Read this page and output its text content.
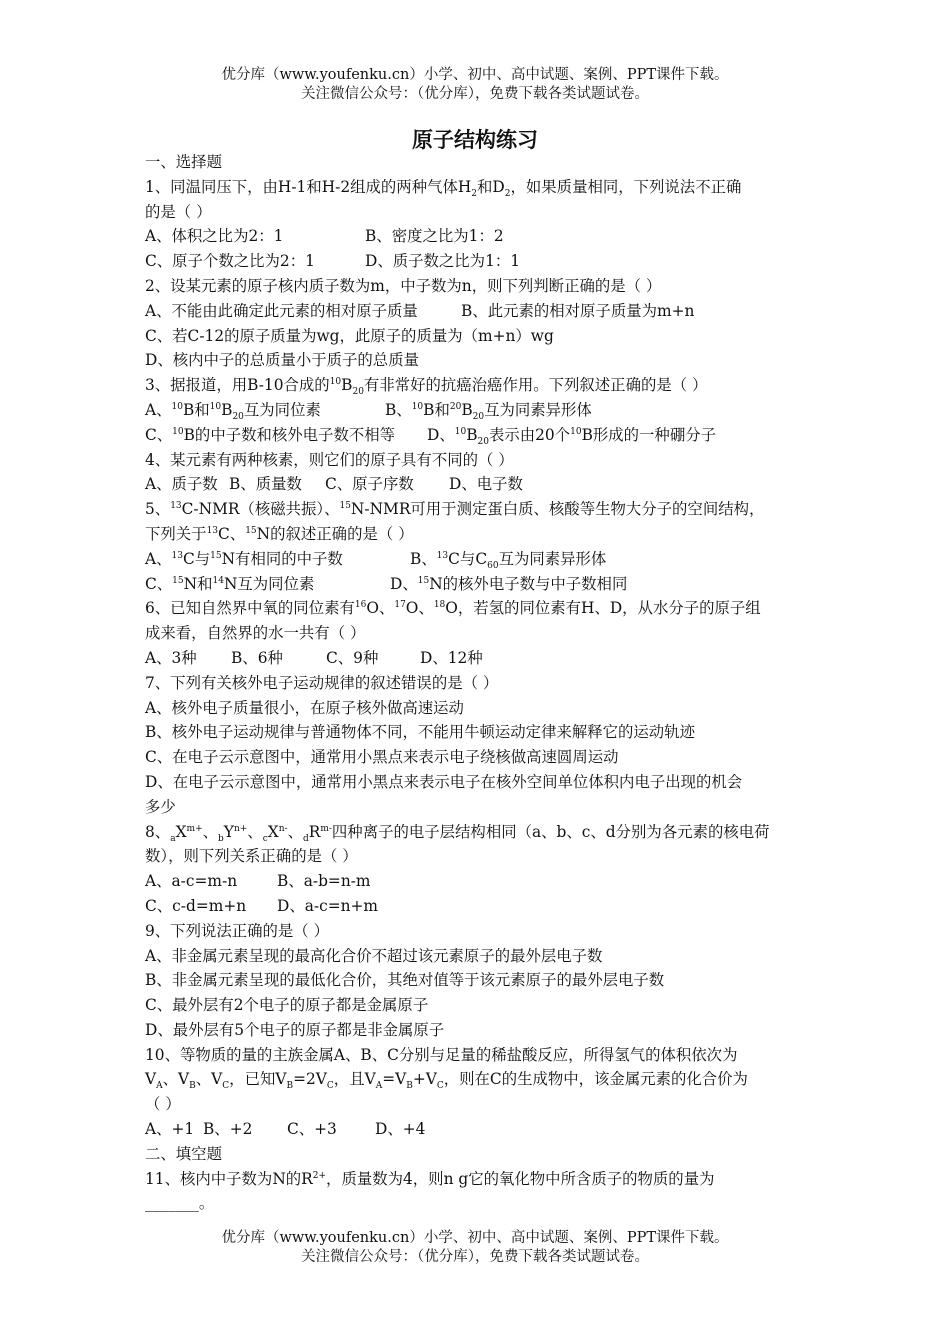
优分库（www.youfenku.cn）小学、初中、高中试题、案例、PPT课件下载。
关注微信公众号：（优分库），免费下载各类试题试卷。
原子结构练习
一、选择题
1、同温同压下，由H-1和H-2组成的两种气体$H_2$和$D_2$，如果质量相同，下列说法不正确
的是（ ）
A、体积之比为2：1	B、密度之比为1：2
C、原子个数之比为2：1	D、质子数之比为1：1
2、设某元素的原子核内质子数为m，中子数为n，则下列判断正确的是（ ）
A、不能由此确定此元素的相对原子质量	B、此元素的相对原子质量为m+n
C、若C-12的原子质量为wg，此原子的质量为（m+n）wg
D、核内中子的总质量小于质子的总质量
3、据报道，用B-10合成的$^{10}B_{20}$有非常好的抗癌治癌作用。下列叙述正确的是（ ）
A、$^{10}$B和$^{10}B_{20}$互为同位素	B、$^{10}$B和$^{20}B_{20}$互为同素异形体
C、$^{10}$B的中子数和核外电子数不相等 D、$^{10}B_{20}$表示由20个$^{10}$B形成的一种硼分子
4、某元素有两种核素，则它们的原子具有不同的（ ）
A、质子数 B、质量数 C、原子序数 D、电子数
5、$^{13}$C-NMR（核磁共振）、$^{15}$N-NMR可用于测定蛋白质、核酸等生物大分子的空间结构，
下列关于$^{13}$C、$^{15}$N的叙述正确的是（ ）
A、$^{13}$C与$^{15}$N有相同的中子数	B、$^{13}$C与$C_{60}$互为同素异形体
C、$^{15}$N和$^{14}$N互为同位素	D、$^{15}$N的核外电子数与中子数相同
6、已知自然界中氧的同位素有$^{16}$O、$^{17}$O、$^{18}$O，若氢的同位素有H、D，从水分子的原子组
成来看，自然界的水一共有（ ）
A、3种 B、6种	C、9种	D、12种
7、下列有关核外电子运动规律的叙述错误的是（ ）
A、核外电子质量很小，在原子核外做高速运动
B、核外电子运动规律与普通物体不同，不能用牛顿运动定律来解释它的运动轨迹
C、在电子云示意图中，通常用小黑点来表示电子绕核做高速圆周运动
D、在电子云示意图中，通常用小黑点来表示电子在核外空间单位体积内电子出现的机会
多少
8、$_aX^{m+}$、$_bY^{n+}$、$_cX^{n-}$、$_dR^{m-}$四种离子的电子层结构相同（a、b、c、d分别为各元素的核电荷
数），则下列关系正确的是（ ）
A、a-c=m-n	B、a-b=n-m
C、c-d=m+n D、a-c=n+m
9、下列说法正确的是（ ）
A、非金属元素呈现的最高化合价不超过该元素原子的最外层电子数
B、非金属元素呈现的最低化合价，其绝对值等于该元素原子的最外层电子数
C、最外层有2个电子的原子都是金属原子
D、最外层有5个电子的原子都是非金属原子
10、等物质的量的主族金属A、B、C分别与足量的稀盐酸反应，所得氢气的体积依次为
$V_A$、$V_B$、$V_C$，已知$V_B=2V_C$，且$V_A=V_B+V_C$，则在C的生成物中，该金属元素的化合价为
（ ）
A、+1 B、+2 C、+3 D、+4
二、填空题
11、核内中子数为N的$R^{2+}$，质量数为4，则n g它的氧化物中所含质子的物质的量为
_______。
优分库（www.youfenku.cn）小学、初中、高中试题、案例、PPT课件下载。
关注微信公众号：（优分库），免费下载各类试题试卷。
